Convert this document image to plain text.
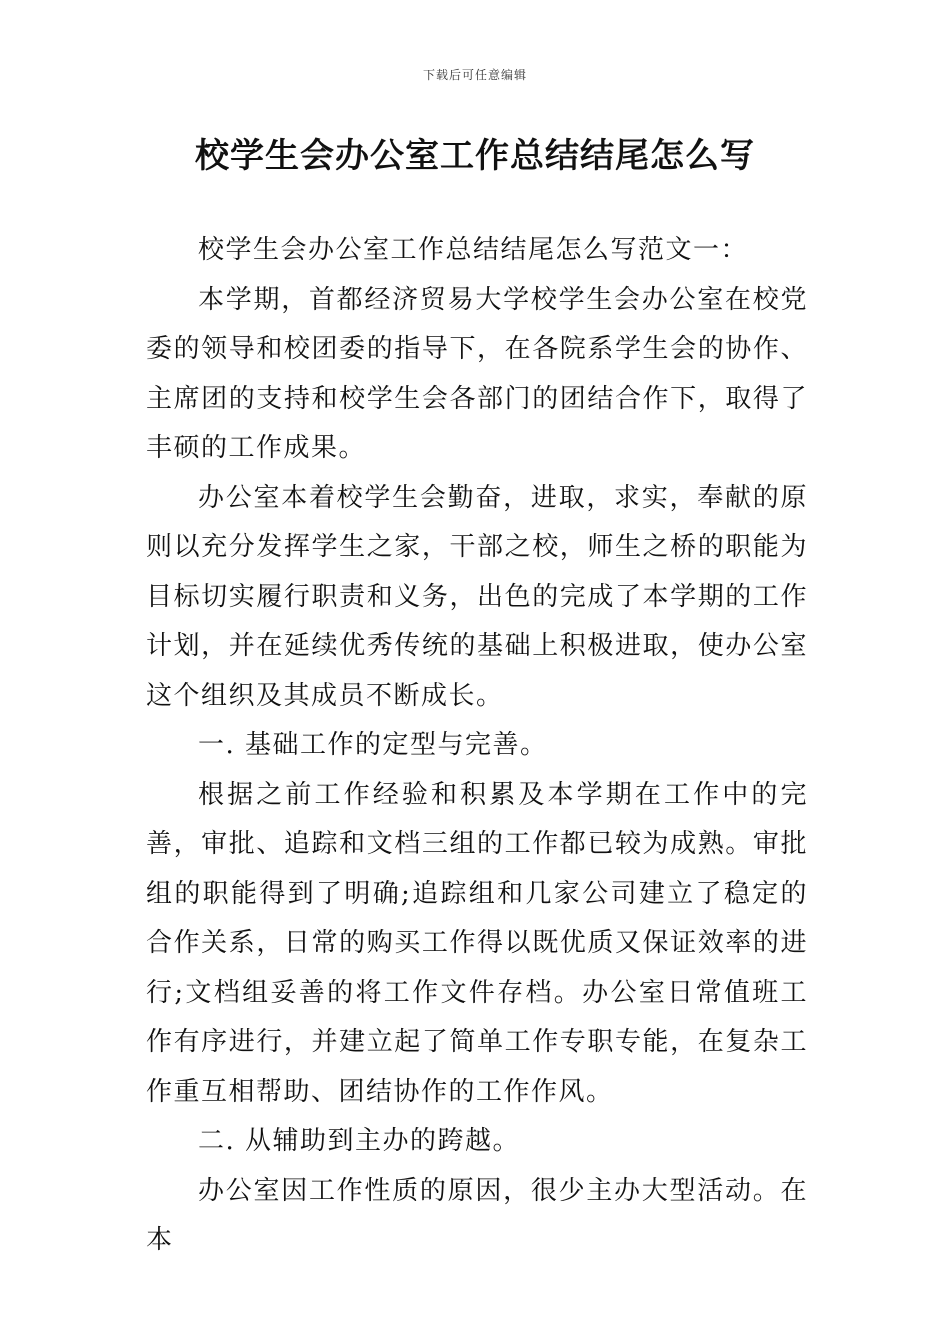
下载后可任意编辑
校学生会办公室工作总结结尾怎么写

校学生会办公室工作总结结尾怎么写范文一：

本学期，首都经济贸易大学校学生会办公室在校党委的领导和校团委的指导下，在各院系学生会的协作、主席团的支持和校学生会各部门的团结合作下，取得了丰硕的工作成果。

办公室本着校学生会勤奋，进取，求实，奉献的原则以充分发挥学生之家，干部之校，师生之桥的职能为目标切实履行职责和义务，出色的完成了本学期的工作计划，并在延续优秀传统的基础上积极进取，使办公室这个组织及其成员不断成长。

一. 基础工作的定型与完善。

根据之前工作经验和积累及本学期在工作中的完善，审批、追踪和文档三组的工作都已较为成熟。审批组的职能得到了明确;追踪组和几家公司建立了稳定的合作关系，日常的购买工作得以既优质又保证效率的进行;文档组妥善的将工作文件存档。办公室日常值班工作有序进行，并建立起了简单工作专职专能，在复杂工作重互相帮助、团结协作的工作作风。

二. 从辅助到主办的跨越。

办公室因工作性质的原因，很少主办大型活动。在本
